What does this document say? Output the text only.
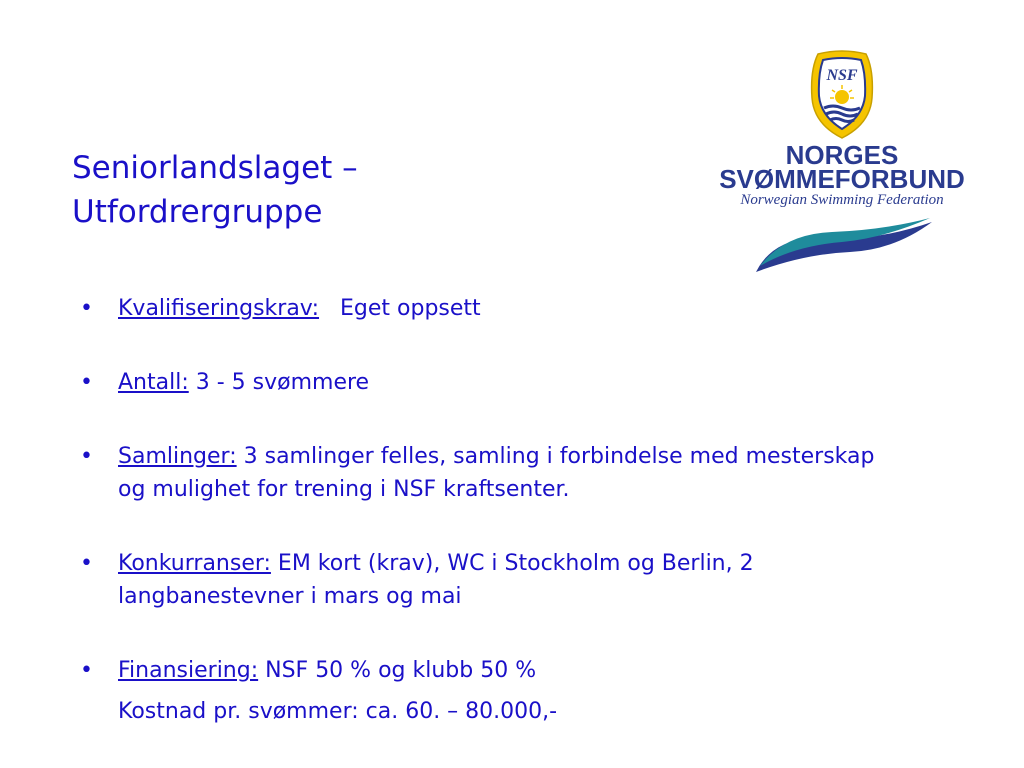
Seniorlandslaget –
Utfordrergruppe
NSF
NORGES
SVØMMEFORBUND
Norwegian Swimming Federation
• Kvalifiseringskrav:   Eget oppsett
• Antall: 3 - 5 svømmere
• Samlinger: 3 samlinger felles, samling i forbindelse med mesterskap og mulighet for trening i NSF kraftsenter.
• Konkurranser: EM kort (krav), WC i Stockholm og Berlin, 2 langbanestevner i mars og mai
• Finansiering: NSF 50 % og klubb 50 %
Kostnad pr. svømmer: ca. 60. – 80.000,-
